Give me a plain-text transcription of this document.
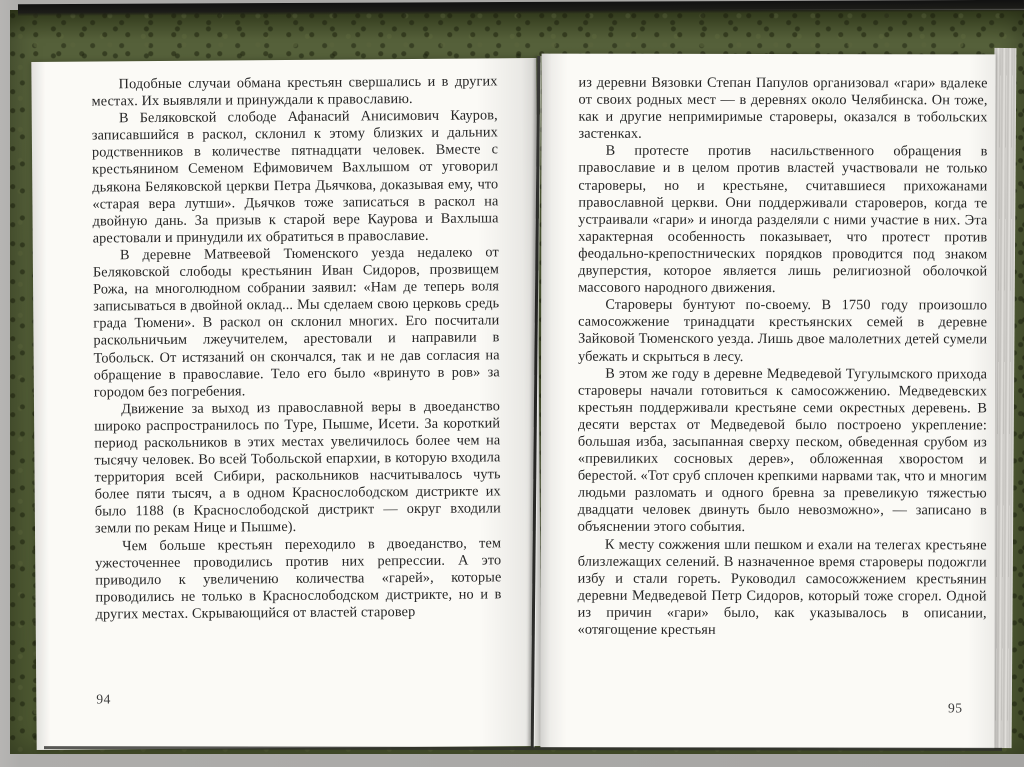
Подобные случаи обмана крестьян свершались и в других местах. Их выявляли и принуждали к православию.

В Беляковской слободе Афанасий Анисимович Кауров, записавшийся в раскол, склонил к этому близких и дальних родственников в количестве пятнадцати человек. Вместе с крестьянином Семеном Ефимовичем Вахлышом от уговорил дьякона Беляковской церкви Петра Дьячкова, доказывая ему, что «старая вера лутши». Дьячков тоже записаться в раскол на двойную дань. За призыв к старой вере Каурова и Вахлыша арестовали и принудили их обратиться в православие.

В деревне Матвеевой Тюменского уезда недалеко от Беляковской слободы крестьянин Иван Сидоров, прозвищем Рожа, на многолюдном собрании заявил: «Нам де теперь воля записываться в двойной оклад... Мы сделаем свою церковь средь града Тюмени». В раскол он склонил многих. Его посчитали раскольничьим лжеучителем, арестовали и направили в Тобольск. От истязаний он скончался, так и не дав согласия на обращение в православие. Тело его было «вринуто в ров» за городом без погребения.

Движение за выход из православной веры в двоеданство широко распространилось по Туре, Пышме, Исети. За короткий период раскольников в этих местах увеличилось более чем на тысячу человек. Во всей Тобольской епархии, в которую входила территория всей Сибири, раскольников насчитывалось чуть более пяти тысяч, а в одном Краснослободском дистрикте их было 1188 (в Краснослободской дистрикт — округ входили земли по рекам Нице и Пышме).

Чем больше крестьян переходило в двоеданство, тем ужесточеннее проводились против них репрессии. А это приводило к увеличению количества «гарей», которые проводились не только в Краснослободском дистрикте, но и в других местах. Скрывающийся от властей старовер

94

из деревни Вязовки Степан Папулов организовал «гари» вдалеке от своих родных мест — в деревнях около Челябинска. Он тоже, как и другие непримиримые староверы, оказался в тобольских застенках.

В протесте против насильственного обращения в православие и в целом против властей участвовали не только староверы, но и крестьяне, считавшиеся прихожанами православной церкви. Они поддерживали староверов, когда те устраивали «гари» и иногда разделяли с ними участие в них. Эта характерная особенность показывает, что протест против феодально-крепостнических порядков проводится под знаком двуперстия, которое является лишь религиозной оболочкой массового народного движения.

Староверы бунтуют по-своему. В 1750 году произошло самосожжение тринадцати крестьянских семей в деревне Зайковой Тюменского уезда. Лишь двое малолетних детей сумели убежать и скрыться в лесу.

В этом же году в деревне Медведевой Тугулымского прихода староверы начали готовиться к самосожжению. Медведевских крестьян поддерживали крестьяне семи окрестных деревень. В десяти верстах от Медведевой было построено укрепление: большая изба, засыпанная сверху песком, обведенная срубом из «превиликих сосновых дерев», обложенная хворостом и берестой. «Тот сруб сплочен крепкими нарвами так, что и многим людьми разломать и одного бревна за превеликую тяжестью двадцати человек двинуть было невозможно», — записано в объяснении этого события.

К месту сожжения шли пешком и ехали на телегах крестьяне близлежащих селений. В назначенное время староверы подожгли избу и стали гореть. Руководил самосожжением крестьянин деревни Медведевой Петр Сидоров, который тоже сгорел. Одной из причин «гари» было, как указывалось в описании, «отягощение крестьян

95
